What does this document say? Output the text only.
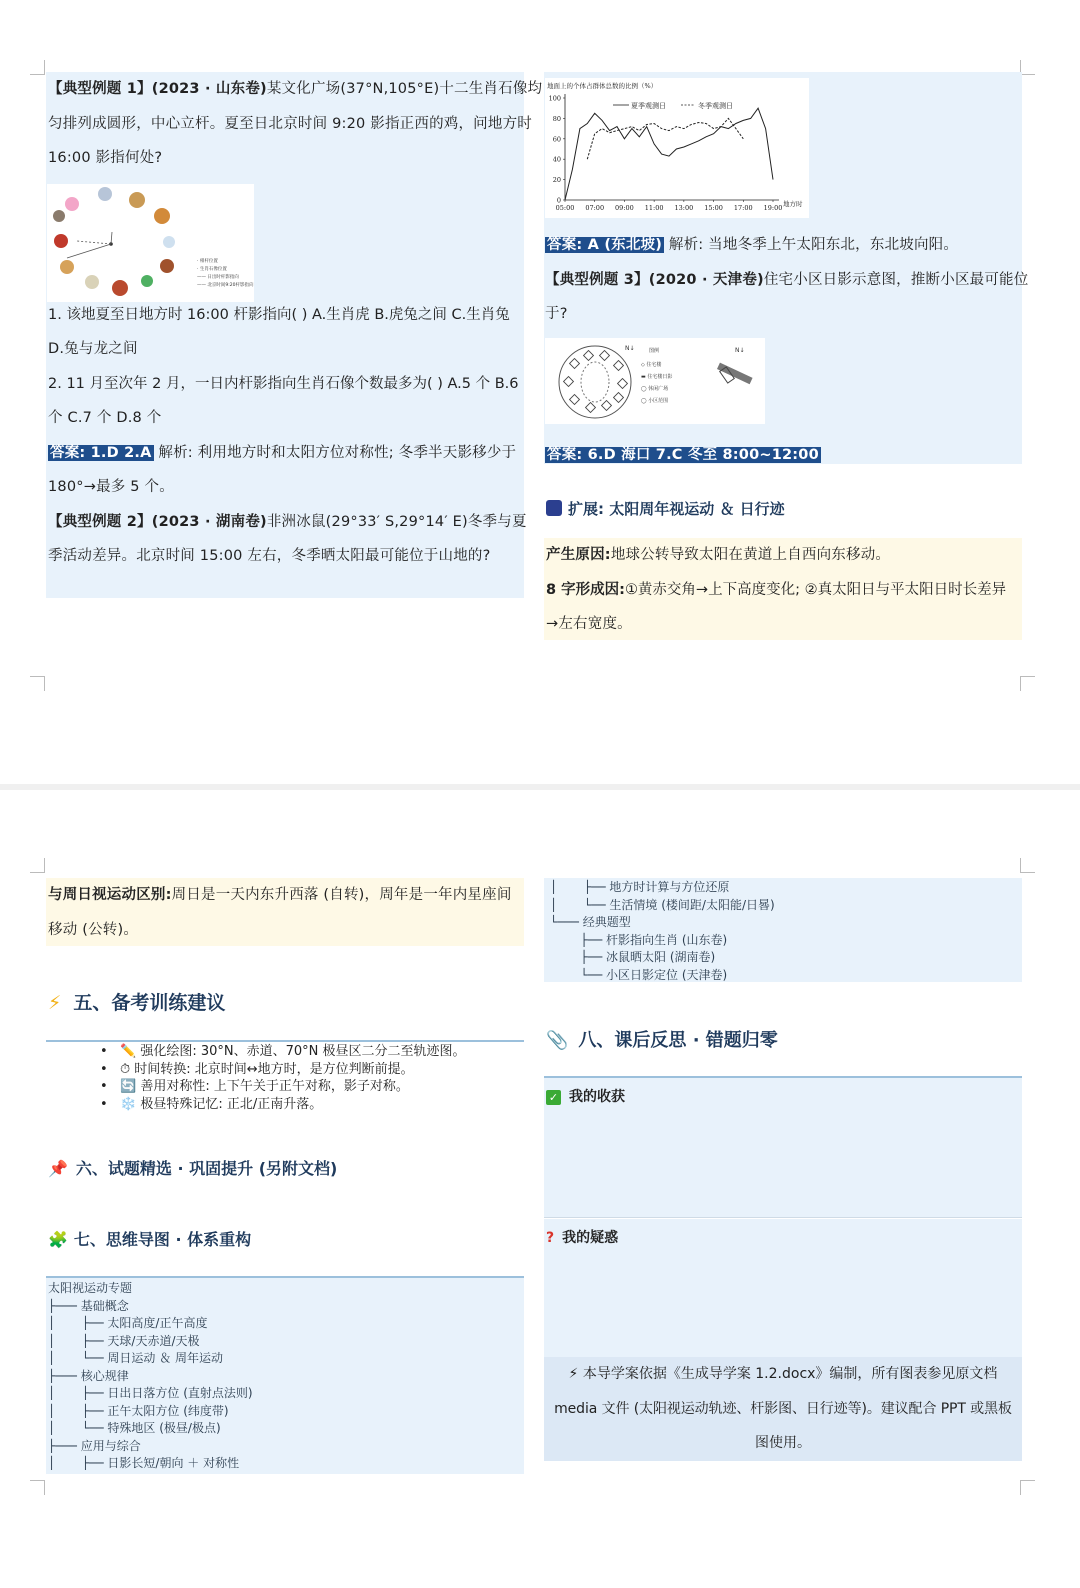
【典型例题 1】(2023 · 山东卷)某文化广场(37°N,105°E)十二生肖石像均
匀排列成圆形，中心立杆。夏至日北京时间 9:20 影指正西的鸡，问地方时
16:00 影指何处?
1. 该地夏至日地方时 16:00 杆影指向( ) A.生肖虎 B.虎兔之间 C.生肖兔
D.兔与龙之间
2. 11 月至次年 2 月，一日内杆影指向生肖石像个数最多为( ) A.5 个 B.6
个 C.7 个 D.8 个
答案: 1.D 2.A 解析: 利用地方时和太阳方位对称性; 冬季半天影移少于
180°→最多 5 个。
【典型例题 2】(2023 · 湖南卷)非洲冰鼠(29°33′ S,29°14′ E)冬季与夏
季活动差异。北京时间 15:00 左右，冬季晒太阳最可能位于山地的?
· 相杆位置
· 生肖石像位置
—— 日出时杆影指向
—— 北京时间9:20杆影指向
地面上的个体占群体总数的比例（%）
地方时
夏季观测日	冬季观测日
0
20
40
60
80
100
05:00 07:00 09:00 11:00 13:00 15:00 17:00 19:00
答案: A (东北坡) 解析: 当地冬季上午太阳东北，东北坡向阳。
【典型例题 3】(2020 · 天津卷)住宅小区日影示意图，推断小区最可能位
于?
N↓	图例
◇ 住宅楼
▬ 住宅楼日影
◯ 休闲广场
◯ 小区范围
N↓
答案: 6.D 海口 7.C 冬至 8:00~12:00
扩展: 太阳周年视运动 ＆ 日行迹
产生原因:地球公转导致太阳在黄道上自西向东移动。
8 字形成因:①黄赤交角→上下高度变化; ②真太阳日与平太阳日时长差异
→左右宽度。
与周日视运动区别:周日是一天内东升西落 (自转)，周年是一年内星座间
移动 (公转)。
⚡ 五、备考训练建议
• ✏️ 强化绘图: 30°N、赤道、70°N 极昼区二分二至轨迹图。
• ⏱ 时间转换: 北京时间↔地方时，是方位判断前提。
• 🔄 善用对称性: 上下午关于正午对称，影子对称。
• ❄️ 极昼特殊记忆: 正北/正南升落。
📌 六、试题精选 · 巩固提升 (另附文档)
🧩 七、思维导图 · 体系重构
太阳视运动专题
├─── 基础概念
│       ├── 太阳高度/正午高度
│       ├── 天球/天赤道/天极
│       └── 周日运动 ＆ 周年运动
├─── 核心规律
│       ├── 日出日落方位 (直射点法则)
│       ├── 正午太阳方位 (纬度带)
│       └── 特殊地区 (极昼/极点)
├─── 应用与综合
│       ├── 日影长短/朝向 ＋ 对称性
│       ├── 地方时计算与方位还原
│       └── 生活情境 (楼间距/太阳能/日晷)
└─── 经典题型
├── 杆影指向生肖 (山东卷)
├── 冰鼠晒太阳 (湖南卷)
└── 小区日影定位 (天津卷)
📎 八、课后反思 · 错题归零
✓ 我的收获
? 我的疑惑
⚡ 本导学案依据《生成导学案 1.2.docx》编制，所有图表参见原文档
media 文件 (太阳视运动轨迹、杆影图、日行迹等)。建议配合 PPT 或黑板
图使用。
